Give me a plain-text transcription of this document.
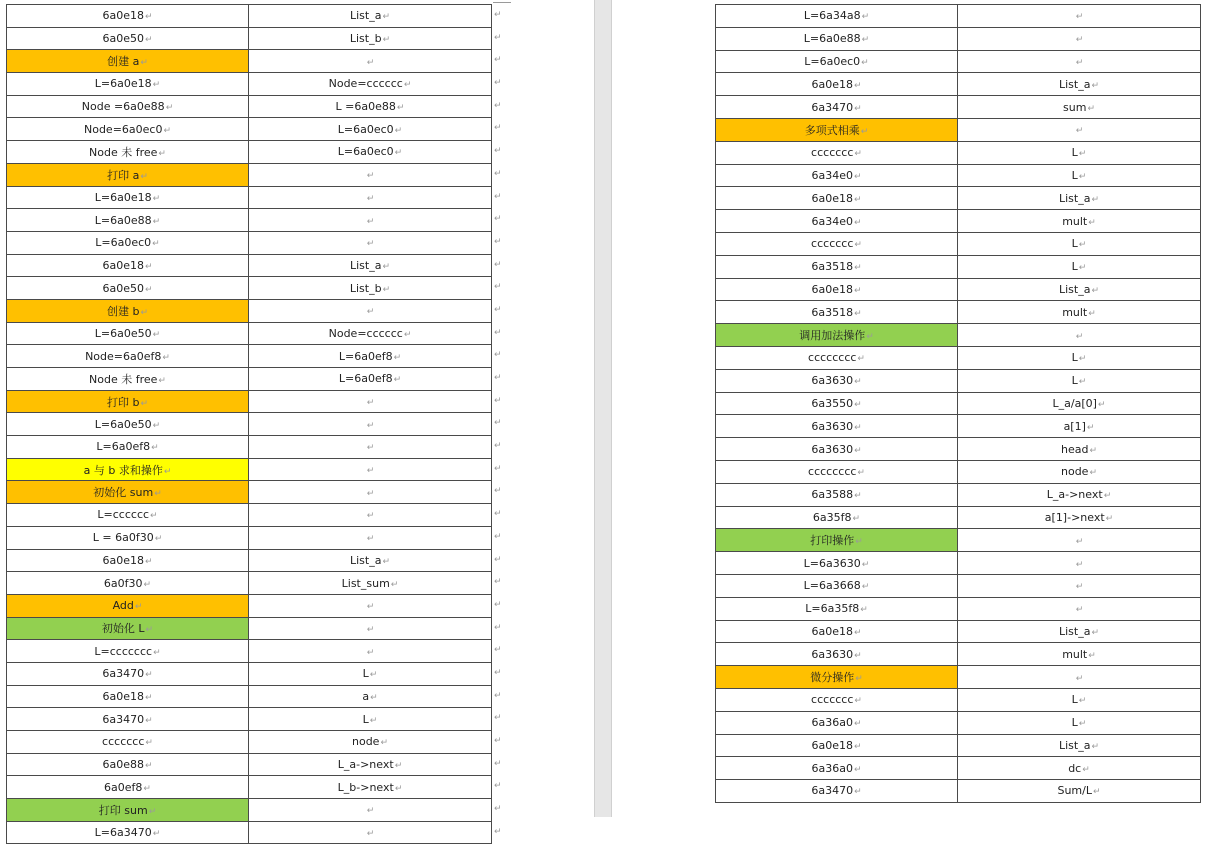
6a0e18↵	List_a↵
6a0e50↵	List_b↵
创建 a↵	↵
L=6a0e18↵	Node=cccccc↵
Node =6a0e88↵	L =6a0e88↵
Node=6a0ec0↵	L=6a0ec0↵
Node 未 free↵	L=6a0ec0↵
打印 a↵	↵
L=6a0e18↵	↵
L=6a0e88↵	↵
L=6a0ec0↵	↵
6a0e18↵	List_a↵
6a0e50↵	List_b↵
创建 b↵	↵
L=6a0e50↵	Node=cccccc↵
Node=6a0ef8↵	L=6a0ef8↵
Node 未 free↵	L=6a0ef8↵
打印 b↵	↵
L=6a0e50↵	↵
L=6a0ef8↵	↵
a 与 b 求和操作↵	↵
初始化 sum↵	↵
L=cccccc↵	↵
L = 6a0f30↵	↵
6a0e18↵	List_a↵
6a0f30↵	List_sum↵
Add↵	↵
初始化 L↵	↵
L=ccccccc↵	↵
6a3470↵	L↵
6a0e18↵	a↵
6a3470↵	L↵
ccccccc↵	node↵
6a0e88↵	L_a->next↵
6a0ef8↵	L_b->next↵
打印 sum↵	↵
L=6a3470↵	↵
↵
↵
↵
↵
↵
↵
↵
↵
↵
↵
↵
↵
↵
↵
↵
↵
↵
↵
↵
↵
↵
↵
↵
↵
↵
↵
↵
↵
↵
↵
↵
↵
↵
↵
↵
↵
↵
L=6a34a8↵	↵
L=6a0e88↵	↵
L=6a0ec0↵	↵
6a0e18↵	List_a↵
6a3470↵	sum↵
多项式相乘↵	↵
ccccccc↵	L↵
6a34e0↵	L↵
6a0e18↵	List_a↵
6a34e0↵	mult↵
ccccccc↵	L↵
6a3518↵	L↵
6a0e18↵	List_a↵
6a3518↵	mult↵
调用加法操作↵	↵
cccccccc↵	L↵
6a3630↵	L↵
6a3550↵	L_a/a[0]↵
6a3630↵	a[1]↵
6a3630↵	head↵
cccccccc↵	node↵
6a3588↵	L_a->next↵
6a35f8↵	a[1]->next↵
打印操作↵	↵
L=6a3630↵	↵
L=6a3668↵	↵
L=6a35f8↵	↵
6a0e18↵	List_a↵
6a3630↵	mult↵
微分操作↵	↵
ccccccc↵	L↵
6a36a0↵	L↵
6a0e18↵	List_a↵
6a36a0↵	dc↵
6a3470↵	Sum/L↵
